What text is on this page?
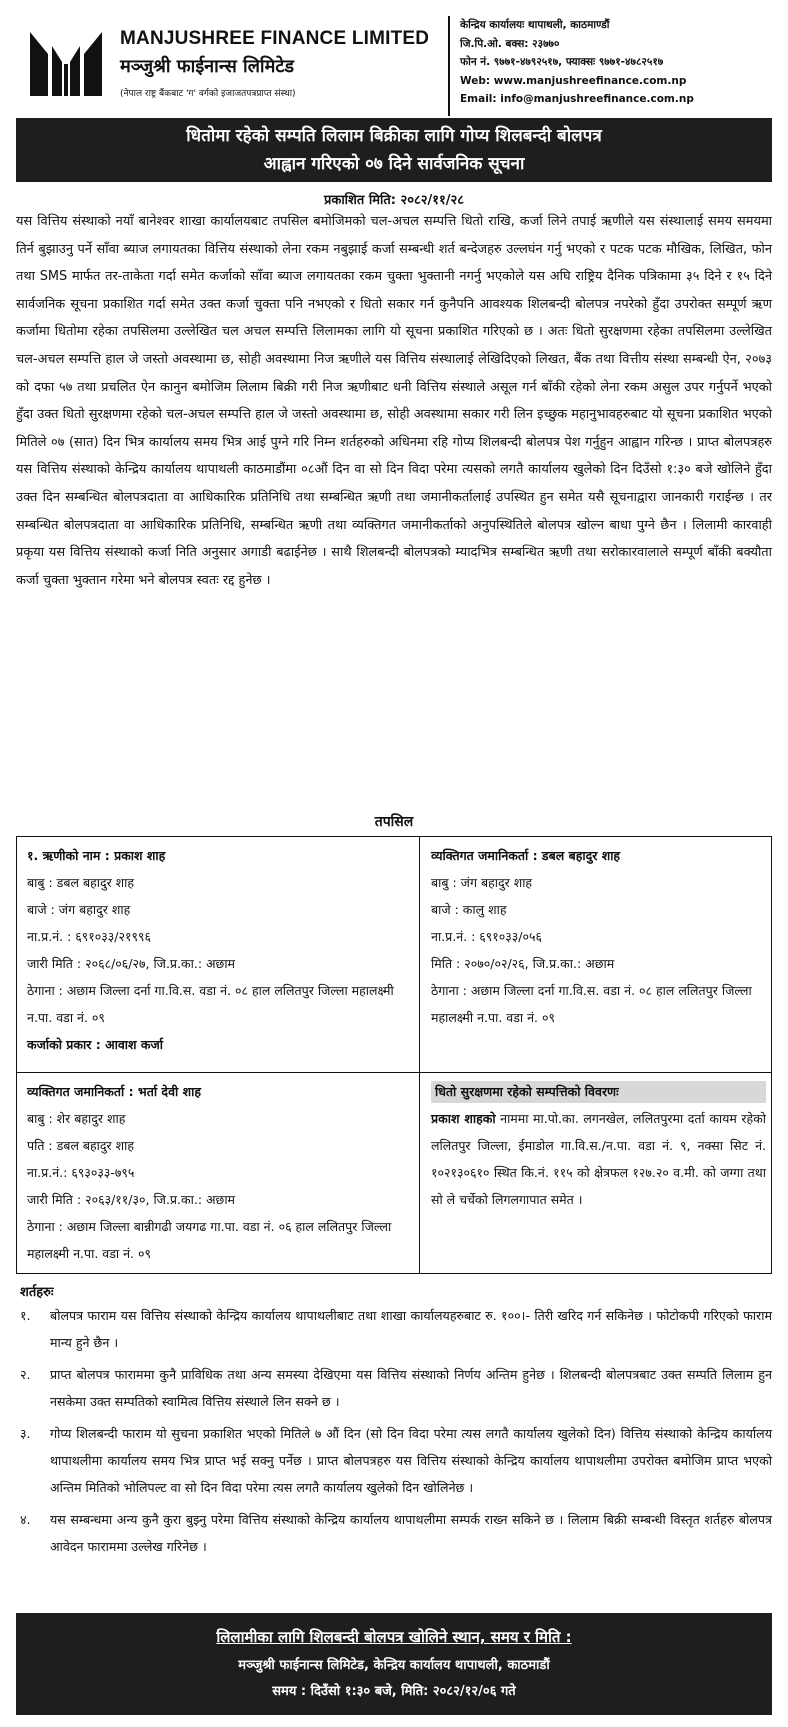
MANJUSHREE FINANCE LIMITED
मञ्जुश्री फाईनान्स लिमिटेड
(नेपाल राष्ट्र बैंकबाट 'ग' वर्गको इजाजतपत्रप्राप्त संस्था)
केन्द्रिय कार्यालयः थापाथली, काठमाण्डौं
जि.पि.ओ. बक्स: २३७७०
फोन नं. ९७७१-४७९२५१७, फ्याक्सः ९७७१-४७८२५१७
Web: www.manjushreefinance.com.np
Email: info@manjushreefinance.com.np
धितोमा रहेको सम्पति लिलाम बिक्रीका लागि गोप्य शिलबन्दी बोलपत्र
आह्वान गरिएको ०७ दिने सार्वजनिक सूचना
प्रकाशित मिति: २०८२/११/२८
यस वित्तिय संस्थाको नयाँ बानेश्वर शाखा कार्यालयबाट तपसिल बमोजिमको चल-अचल सम्पत्ति धितो राखि, कर्जा लिने तपाई ऋणीले यस संस्थालाई समय समयमा तिर्न बुझाउनु पर्ने साँवा ब्याज लगायतका वित्तिय संस्थाको लेना रकम नबुझाई कर्जा सम्बन्धी शर्त बन्देजहरु उल्लघंन गर्नु भएको र पटक पटक मौखिक, लिखित, फोन तथा SMS मार्फत तर-ताकेता गर्दा समेत कर्जाको साँवा ब्याज लगायतका रकम चुक्ता भुक्तानी नगर्नु भएकोले यस अघि राष्ट्रिय दैनिक पत्रिकामा ३५ दिने र १५ दिने सार्वजनिक सूचना प्रकाशित गर्दा समेत उक्त कर्जा चुक्ता पनि नभएको र धितो सकार गर्न कुनैपनि आवश्यक शिलबन्दी बोलपत्र नपरेको हुँदा उपरोक्त सम्पूर्ण ऋण कर्जामा धितोमा रहेका तपसिलमा उल्लेखित चल अचल सम्पत्ति लिलामका लागि यो सूचना प्रकाशित गरिएको छ । अतः धितो सुरक्षणमा रहेका तपसिलमा उल्लेखित चल-अचल सम्पत्ति हाल जे जस्तो अवस्थामा छ, सोही अवस्थामा निज ऋणीले यस वित्तिय संस्थालाई लेखिदिएको लिखत, बैंक तथा वित्तीय संस्था सम्बन्धी ऐन, २०७३ को दफा ५७ तथा प्रचलित ऐन कानुन बमोजिम लिलाम बिक्री गरी निज ऋणीबाट धनी वित्तिय संस्थाले असूल गर्न बाँकी रहेको लेना रकम असुल उपर गर्नुपर्ने भएको हुँदा उक्त धितो सुरक्षणमा रहेको चल-अचल सम्पत्ति हाल जे जस्तो अवस्थामा छ, सोही अवस्थामा सकार गरी लिन इच्छुक महानुभावहरुबाट यो सूचना प्रकाशित भएको मितिले ०७ (सात) दिन भित्र कार्यालय समय भित्र आई पुग्ने गरि निम्न शर्तहरुको अधिनमा रहि गोप्य शिलबन्दी बोलपत्र पेश गर्नुहुन आह्वान गरिन्छ । प्राप्त बोलपत्रहरु यस वित्तिय संस्थाको केन्द्रिय कार्यालय थापाथली काठमाडौंमा ०८औं दिन वा सो दिन विदा परेमा त्यसको लगतै कार्यालय खुलेको दिन दिउँसो १:३० बजे खोलिने हुँदा उक्त दिन सम्बन्धित बोलपत्रदाता वा आधिकारिक प्रतिनिधि तथा सम्बन्धित ऋणी तथा जमानीकर्तालाई उपस्थित हुन समेत यसै सूचनाद्वारा जानकारी गराईन्छ । तर सम्बन्धित बोलपत्रदाता वा आधिकारिक प्रतिनिधि, सम्बन्धित ऋणी तथा व्यक्तिगत जमानीकर्ताको अनुपस्थितिले बोलपत्र खोल्न बाधा पुग्ने छैन । लिलामी कारवाही प्रकृया यस वित्तिय संस्थाको कर्जा निति अनुसार अगाडी बढाईनेछ । साथै शिलबन्दी बोलपत्रको म्यादभित्र सम्बन्धित ऋणी तथा सरोकारवालाले सम्पूर्ण बाँकी बक्यौता कर्जा चुक्ता भुक्तान गरेमा भने बोलपत्र स्वतः रद्द हुनेछ ।
तपसिल
१. ऋणीको नाम : प्रकाश शाह
बाबु : डबल बहादुर शाह
बाजे : जंग बहादुर शाह
ना.प्र.नं. : ६९१०३३/२१९९६
जारी मिति : २०६८/०६/२७, जि.प्र.का.: अछाम
ठेगाना : अछाम जिल्ला दर्ना गा.वि.स. वडा नं. ०८ हाल ललितपुर जिल्ला महालक्ष्मी न.पा. वडा नं. ०९
कर्जाको प्रकार : आवाश कर्जा
व्यक्तिगत जमानिकर्ता : डबल बहादुर शाह
बाबु : जंग बहादुर शाह
बाजे : कालु शाह
ना.प्र.नं. : ६९१०३३/०५६
मिति : २०७०/०२/२६, जि.प्र.का.: अछाम
ठेगाना : अछाम जिल्ला दर्ना गा.वि.स. वडा नं. ०८ हाल ललितपुर जिल्ला महालक्ष्मी न.पा. वडा नं. ०९
व्यक्तिगत जमानिकर्ता : भर्ता देवी शाह
बाबु : शेर बहादुर शाह
पति : डबल बहादुर शाह
ना.प्र.नं.: ६९३०३३-७९५
जारी मिति : २०६३/११/३०, जि.प्र.का.: अछाम
ठेगाना : अछाम जिल्ला बान्नीगढी जयगढ गा.पा. वडा नं. ०६ हाल ललितपुर जिल्ला महालक्ष्मी न.पा. वडा नं. ०९
धितो सुरक्षणमा रहेको सम्पत्तिको विवरणः
प्रकाश शाहको नाममा मा.पो.का. लगनखेल, ललितपुरमा दर्ता कायम रहेको ललितपुर जिल्ला, ईमाडोल गा.वि.स./न.पा. वडा नं. ९, नक्सा सिट नं. १०२१३०६१० स्थित कि.नं. ११५ को क्षेत्रफल १२७.२० व.मी. को जग्गा तथा सो ले चर्चेको लिगलगापात समेत ।
शर्तहरुः
१.	बोलपत्र फाराम यस वित्तिय संस्थाको केन्द्रिय कार्यालय थापाथलीबाट तथा शाखा कार्यालयहरुबाट रु. १००।- तिरी खरिद गर्न सकिनेछ । फोटोकपी गरिएको फाराम मान्य हुने छैन ।
२.	प्राप्त बोलपत्र फाराममा कुनै प्राविधिक तथा अन्य समस्या देखिएमा यस वित्तिय संस्थाको निर्णय अन्तिम हुनेछ । शिलबन्दी बोलपत्रबाट उक्त सम्पति लिलाम हुन नसकेमा उक्त सम्पतिको स्वामित्व वित्तिय संस्थाले लिन सक्ने छ ।
३.	गोप्य शिलबन्दी फाराम यो सुचना प्रकाशित भएको मितिले ७ औं दिन (सो दिन विदा परेमा त्यस लगतै कार्यालय खुलेको दिन) वित्तिय संस्थाको केन्द्रिय कार्यालय थापाथलीमा कार्यालय समय भित्र प्राप्त भई सक्नु पर्नेछ । प्राप्त बोलपत्रहरु यस वित्तिय संस्थाको केन्द्रिय कार्यालय थापाथलीमा उपरोक्त बमोजिम प्राप्त भएको अन्तिम मितिको भोलिपल्ट वा सो दिन विदा परेमा त्यस लगतै कार्यालय खुलेको दिन खोलिनेछ ।
४.	यस सम्बन्धमा अन्य कुनै कुरा बुझ्नु परेमा वित्तिय संस्थाको केन्द्रिय कार्यालय थापाथलीमा सम्पर्क राख्न सकिने छ । लिलाम बिक्री सम्बन्धी विस्तृत शर्तहरु बोलपत्र आवेदन फाराममा उल्लेख गरिनेछ ।
लिलामीका लागि शिलबन्दी बोलपत्र खोलिने स्थान, समय र मिति :
मञ्जुश्री फाईनान्स लिमिटेड, केन्द्रिय कार्यालय थापाथली, काठमाडौं
समय : दिउँसो १:३० बजे, मिति: २०८२/१२/०६ गते
